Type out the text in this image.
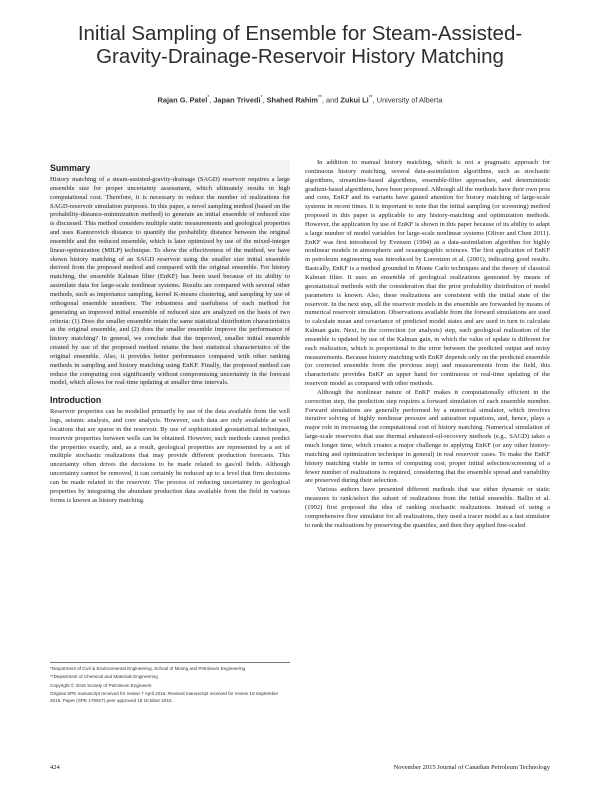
Initial Sampling of Ensemble for Steam-Assisted-Gravity-Drainage-Reservoir History Matching
Rajan G. Patel*, Japan Trivedi*, Shahed Rahim**, and Zukui Li**, University of Alberta
Summary

History matching of a steam-assisted-gravity-drainage (SAGD) reservoir requires a large ensemble size for proper uncertainty assessment, which ultimately results in high computational cost. Therefore, it is necessary to reduce the number of realizations for SAGD-reservoir simulation purposes. In this paper, a novel sampling method (based on the probability-distance-minimization method) to generate an initial ensemble of reduced size is discussed. This method considers multiple static measurements and geological properties and uses Kantorovich distance to quantify the probability distance between the original ensemble and the reduced ensemble, which is later optimized by use of the mixed-integer linear-optimization (MILP) technique. To show the effectiveness of the method, we have shown history matching of an SAGD reservoir using the smaller size initial ensemble derived from the proposed method and compared with the original ensemble. For history matching, the ensemble Kalman filter (EnKF) has been used because of its ability to assimilate data for large-scale nonlinear systems. Results are compared with several other methods, such as importance sampling, kernel K-means clustering, and sampling by use of orthogonal ensemble members. The robustness and usefulness of each method for generating an improved initial ensemble of reduced size are analyzed on the basis of two criteria: (1) Does the smaller ensemble retain the same statistical distribution characteristics as the original ensemble, and (2) does the smaller ensemble improve the performance of history matching? In general, we conclude that the improved, smaller initial ensemble created by use of the proposed method retains the best statistical characteristics of the original ensemble. Also, it provides better performance compared with other ranking methods in sampling and history matching using EnKF. Finally, the proposed method can reduce the computing cost significantly without compromising uncertainty in the forecast model, which allows for real-time updating at smaller time intervals.

Introduction

Reservoir properties can be modelled primarily by use of the data available from the well logs, seismic analysis, and core analysis. However, such data are only available at well locations that are sparse in the reservoir. By use of sophisticated geostatistical techniques, reservoir properties between wells can be obtained. However, such methods cannot predict the properties exactly, and, as a result, geological properties are represented by a set of multiple stochastic realizations that may provide different production forecasts. This uncertainty often drives the decisions to be made related to gas/oil fields. Although uncertainty cannot be removed, it can certainly be reduced up to a level that firm decisions can be made related to the reservoir. The process of reducing uncertainty in geological properties by integrating the abundant production data available from the field in various forms is known as history matching.

*Department of Civil & Environmental Engineering, School of Mining and Petroleum Engineering
**Department of Chemical and Materials Engineering
Copyright © 2015 Society of Petroleum Engineers
Original SPE manuscript received for review 7 April 2015. Revised manuscript received for review 18 September 2015. Paper (SPE 178927) peer approved 18 October 2015.

In addition to manual history matching, which is not a pragmatic approach for continuous history matching, several data-assimilation algorithms, such as stochastic algorithms, streamline-based algorithms, ensemble-filter approaches, and deterministic gradient-based algorithms, have been proposed. Although all the methods have their own pros and cons, EnKF and its variants have gained attention for history matching of large-scale systems in recent times. It is important to note that the initial sampling (or screening) method proposed in this paper is applicable to any history-matching and optimization methods. However, the application by use of EnKF is shown in this paper because of its ability to adapt a large number of model variables for large-scale nonlinear systems (Oliver and Chen 2011). EnKF was first introduced by Evensen (1994) as a data-assimilation algorithm for highly nonlinear models in atmospheric and oceanographic sciences. The first application of EnKF in petroleum engineering was introduced by Lorentzen et al. (2001), indicating good results. Basically, EnKF is a method grounded in Monte Carlo techniques and the theory of classical Kalman filter. It uses an ensemble of geological realizations generated by means of geostatistical methods with the consideration that the prior probability distribution of model parameters is known. Also, these realizations are consistent with the initial state of the reservoir. In the next step, all the reservoir models in the ensemble are forwarded by means of numerical reservoir simulation. Observations available from the forward simulations are used to calculate mean and covariance of predicted model states and are used in turn to calculate Kalman gain. Next, in the correction (or analysis) step, each geological realization of the ensemble is updated by use of the Kalman gain, in which the value of update is different for each realization, which is proportional to the error between the predicted output and noisy measurements. Because history matching with EnKF depends only on the predicted ensemble (or corrected ensemble from the previous step) and measurements from the field, this characteristic provides EnKF an upper hand for continuous or real-time updating of the reservoir model as compared with other methods.

Although the nonlinear nature of EnKF makes it computationally efficient in the correction step, the prediction step requires a forward simulation of each ensemble member. Forward simulations are generally performed by a numerical simulator, which involves iterative solving of highly nonlinear pressure and saturation equations, and, hence, plays a major role in increasing the computational cost of history matching. Numerical simulation of large-scale reservoirs that use thermal enhanced-oil-recovery methods (e.g., SAGD) takes a much longer time, which creates a major challenge to applying EnKF (or any other history-matching and optimization technique in general) in real reservoir cases. To make the EnKF history matching viable in terms of computing cost, proper initial selection/screening of a fewer number of realizations is required, considering that the ensemble spread and variability are preserved during their selection.

Various authors have presented different methods that use either dynamic or static measures to rank/select the subset of realizations from the initial ensemble. Ballin et al. (1992) first proposed the idea of ranking stochastic realizations. Instead of using a comprehensive flow simulator for all realizations, they used a tracer model as a fast simulator to rank the realizations by preserving the quantiles, and then they applied fine-scaled

424	November 2015 Journal of Canadian Petroleum Technology
